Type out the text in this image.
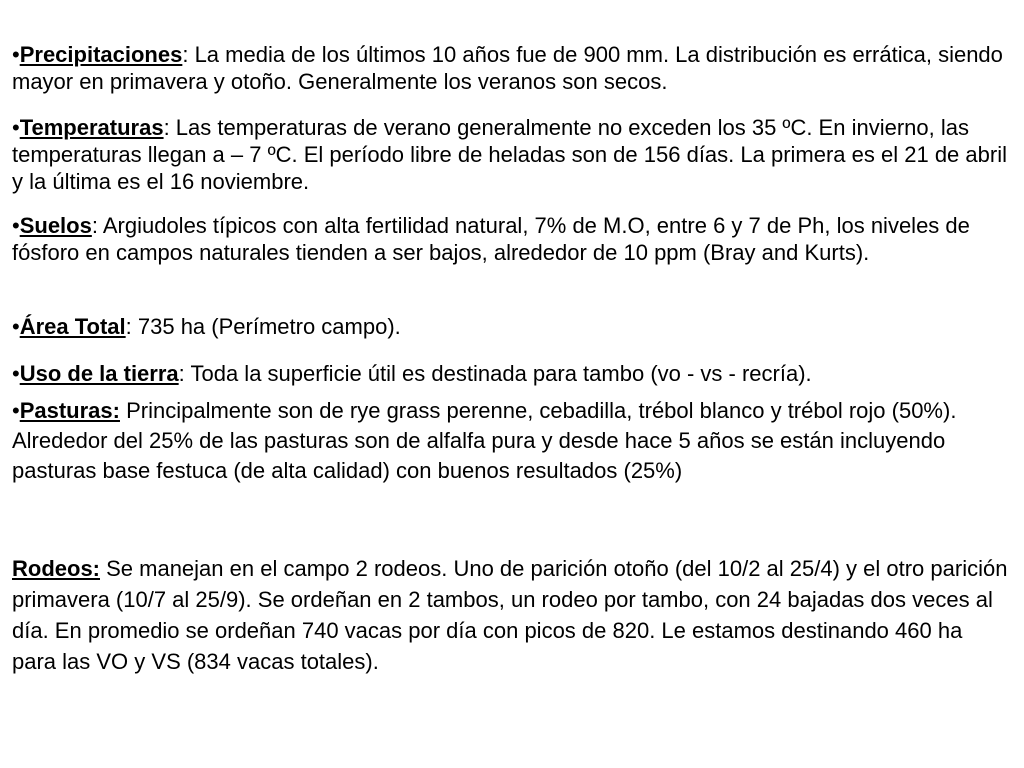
•Precipitaciones: La media de los últimos 10 años fue de 900 mm. La distribución es errática, siendo mayor en primavera y otoño. Generalmente los veranos son secos.

•Temperaturas: Las temperaturas de verano generalmente no exceden los 35 ºC. En invierno, las temperaturas llegan a – 7 ºC. El período libre de heladas son de 156 días. La primera es el 21 de abril y la última es el 16 noviembre.

•Suelos: Argiudoles típicos con alta fertilidad natural, 7% de M.O, entre 6 y 7 de Ph, los niveles de fósforo en campos naturales tienden a ser bajos, alrededor de 10 ppm (Bray and Kurts).

•Área Total: 735 ha (Perímetro campo).

•Uso de la tierra: Toda la superficie útil es destinada para tambo (vo - vs - recría).

•Pasturas: Principalmente son de rye grass perenne, cebadilla, trébol blanco y trébol rojo (50%). Alrededor del 25% de las pasturas son de alfalfa pura y desde hace 5 años se están incluyendo pasturas base festuca (de alta calidad) con buenos resultados (25%)

Rodeos: Se manejan en el campo 2 rodeos. Uno de parición otoño (del 10/2 al 25/4) y el otro parición primavera (10/7 al 25/9). Se ordeñan en 2 tambos, un rodeo por tambo, con 24 bajadas dos veces al día. En promedio se ordeñan 740 vacas por día con picos de 820. Le estamos destinando 460 ha para las VO y VS (834 vacas totales).
